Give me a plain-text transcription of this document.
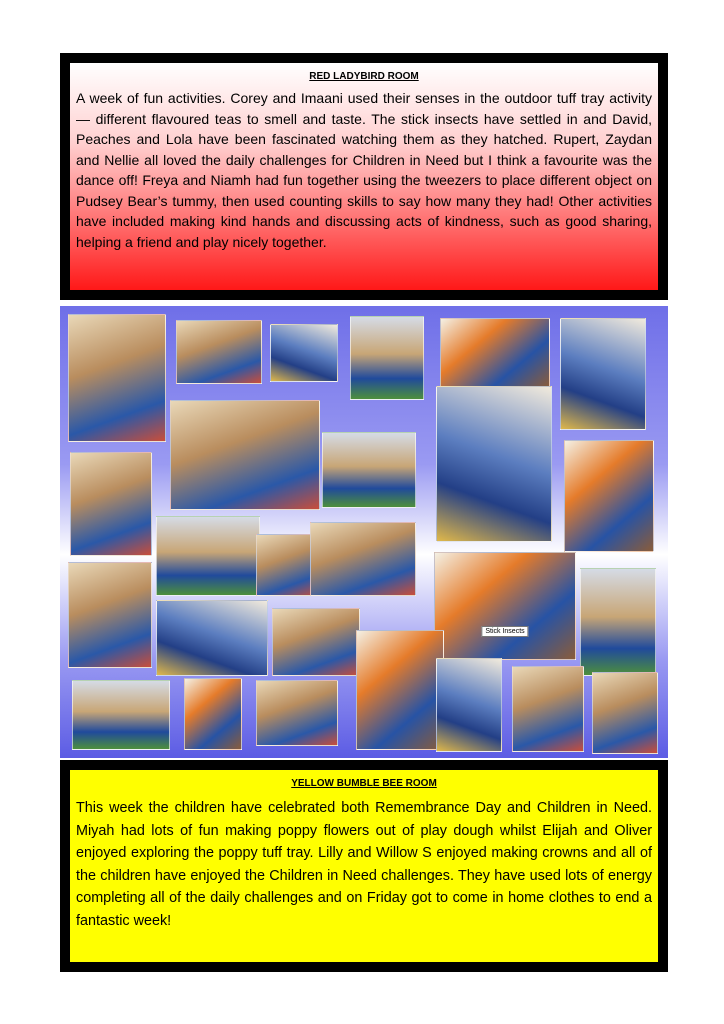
RED LADYBIRD ROOM
A week of fun activities. Corey and Imaani used their senses in the outdoor tuff tray activity — different flavoured teas to smell and taste. The stick insects have settled in and David, Peaches and Lola have been fascinated watching them as they hatched. Rupert, Zaydan and Nellie all loved the daily challenges for Children in Need but I think a favourite was the dance off! Freya and Niamh had fun together using the tweezers to place different object on Pudsey Bear’s tummy, then used counting skills to say how many they had! Other activities have included making kind hands and discussing acts of kindness, such as good sharing, helping a friend and play nicely together.
Stick Insects
YELLOW BUMBLE BEE ROOM
This week the children have celebrated both Remembrance Day and Children in Need. Miyah had lots of fun making poppy flowers out of play dough whilst Elijah and Oliver enjoyed exploring the poppy tuff tray. Lilly and Willow S enjoyed making crowns and all of the children have enjoyed the Children in Need challenges. They have used lots of energy completing all of the daily challenges and on Friday got to come in home clothes to end a fantastic week!
